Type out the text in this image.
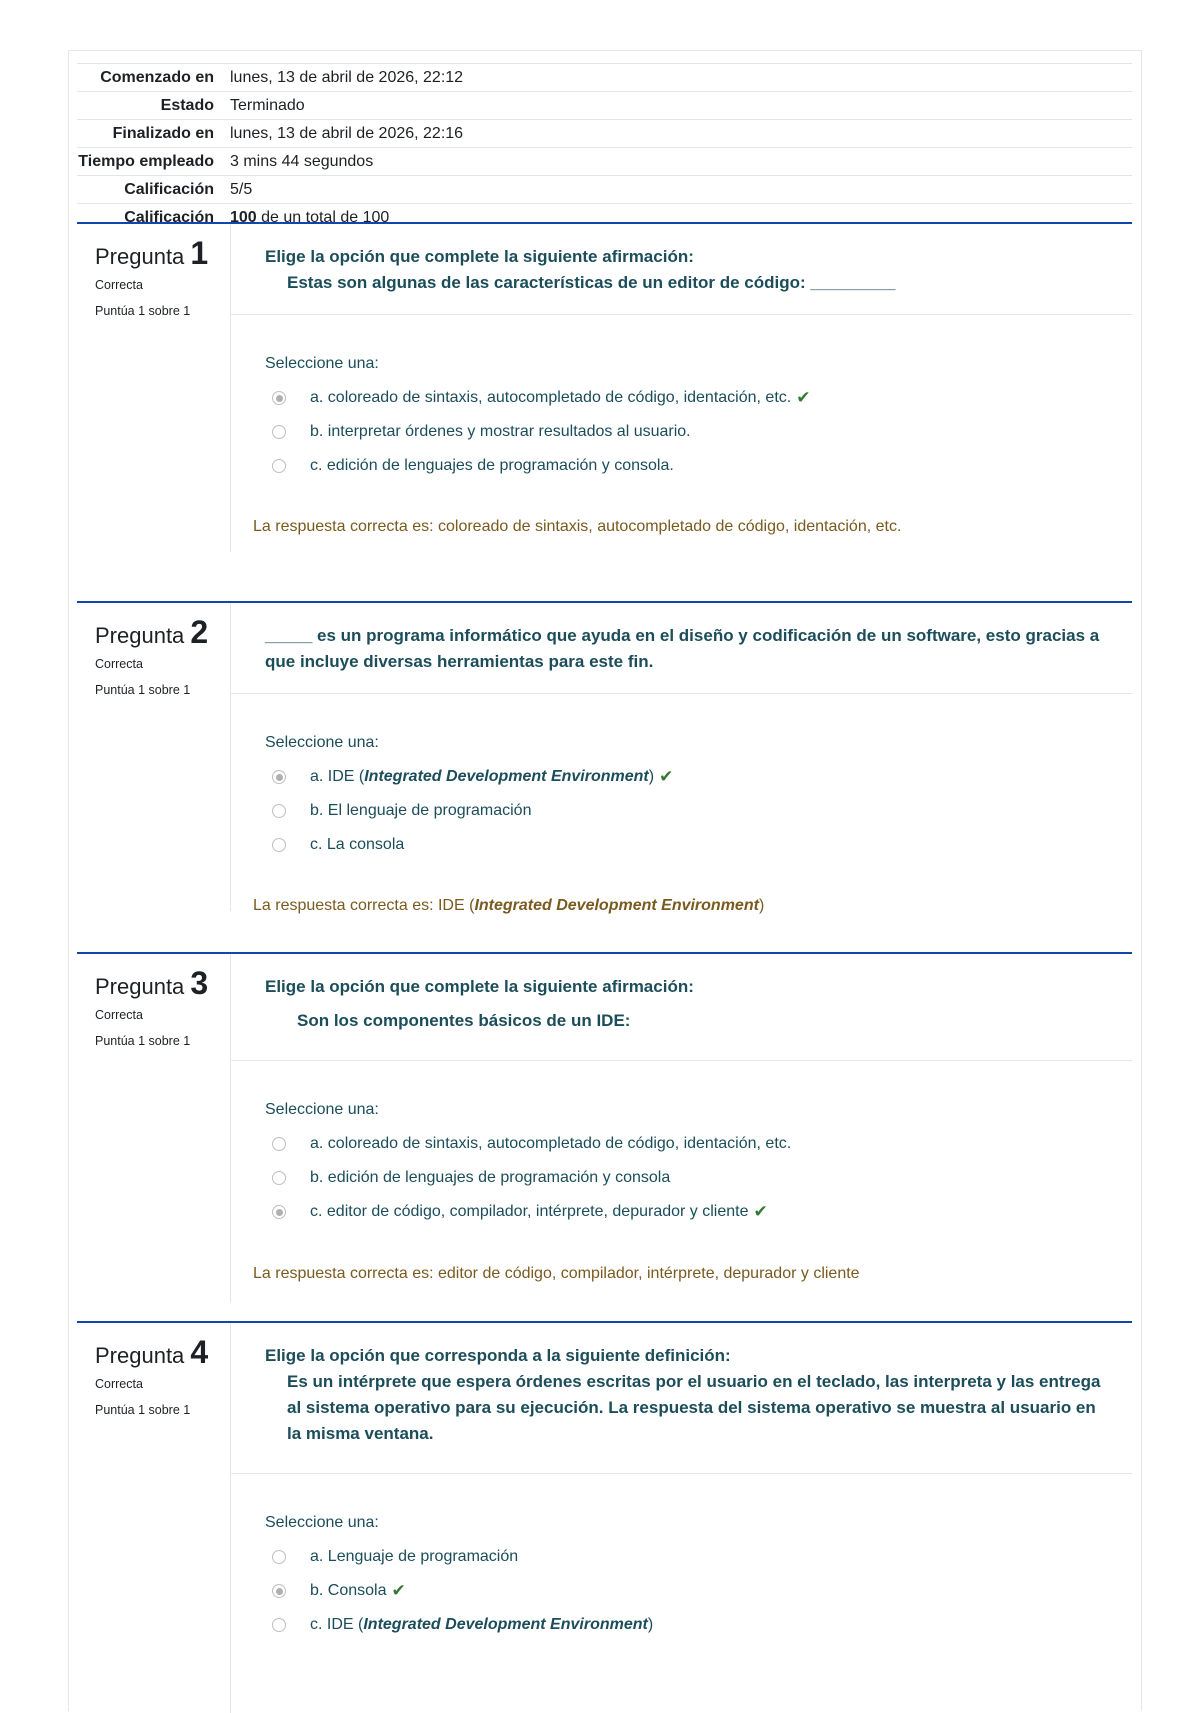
Comenzado en	lunes, 13 de abril de 2026, 22:12
Estado	Terminado
Finalizado en	lunes, 13 de abril de 2026, 22:16
Tiempo empleado	3 mins 44 segundos
Calificación	5/5
Calificación	100 de un total de 100
Pregunta 1
Correcta
Puntúa 1 sobre 1
Elige la opción que complete la siguiente afirmación:
Estas son algunas de las características de un editor de código: _________
Seleccione una:
a. coloreado de sintaxis, autocompletado de código, identación, etc. ✔
b. interpretar órdenes y mostrar resultados al usuario.
c. edición de lenguajes de programación y consola.
La respuesta correcta es: coloreado de sintaxis, autocompletado de código, identación, etc.
Pregunta 2
Correcta
Puntúa 1 sobre 1
_____ es un programa informático que ayuda en el diseño y codificación de un software, esto gracias a que incluye diversas herramientas para este fin.
Seleccione una:
a. IDE (Integrated Development Environment) ✔
b. El lenguaje de programación
c. La consola
La respuesta correcta es: IDE (Integrated Development Environment)
Pregunta 3
Correcta
Puntúa 1 sobre 1
Elige la opción que complete la siguiente afirmación:
Son los componentes básicos de un IDE:
Seleccione una:
a. coloreado de sintaxis, autocompletado de código, identación, etc.
b. edición de lenguajes de programación y consola
c. editor de código, compilador, intérprete, depurador y cliente ✔
La respuesta correcta es: editor de código, compilador, intérprete, depurador y cliente
Pregunta 4
Correcta
Puntúa 1 sobre 1
Elige la opción que corresponda a la siguiente definición:
Es un intérprete que espera órdenes escritas por el usuario en el teclado, las interpreta y las entrega al sistema operativo para su ejecución. La respuesta del sistema operativo se muestra al usuario en la misma ventana.
Seleccione una:
a. Lenguaje de programación
b. Consola ✔
c. IDE (Integrated Development Environment)
